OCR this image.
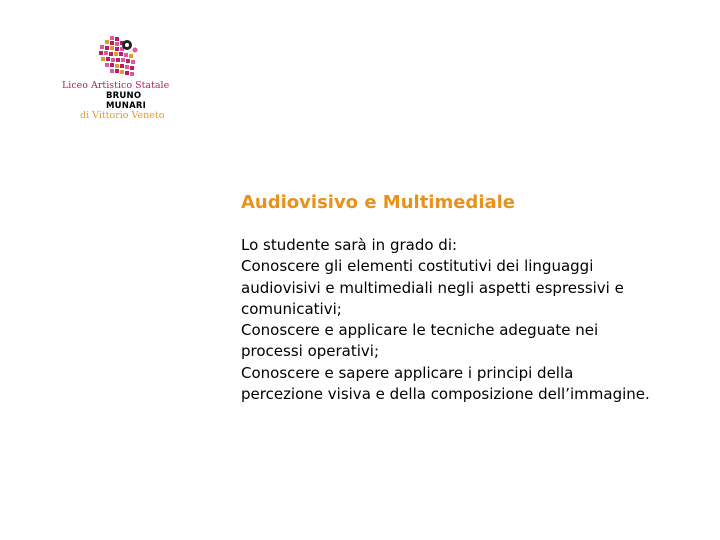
Liceo Artistico Statale
BRUNO MUNARI
di Vittorio Veneto
Audiovisivo e Multimediale

Lo studente sarà in grado di:
Conoscere gli elementi costitutivi dei linguaggi
audiovisivi e multimediali negli aspetti espressivi e
comunicativi;
Conoscere e applicare le tecniche adeguate nei
processi operativi;
Conoscere e sapere applicare i principi della
percezione visiva e della composizione dell’immagine.
